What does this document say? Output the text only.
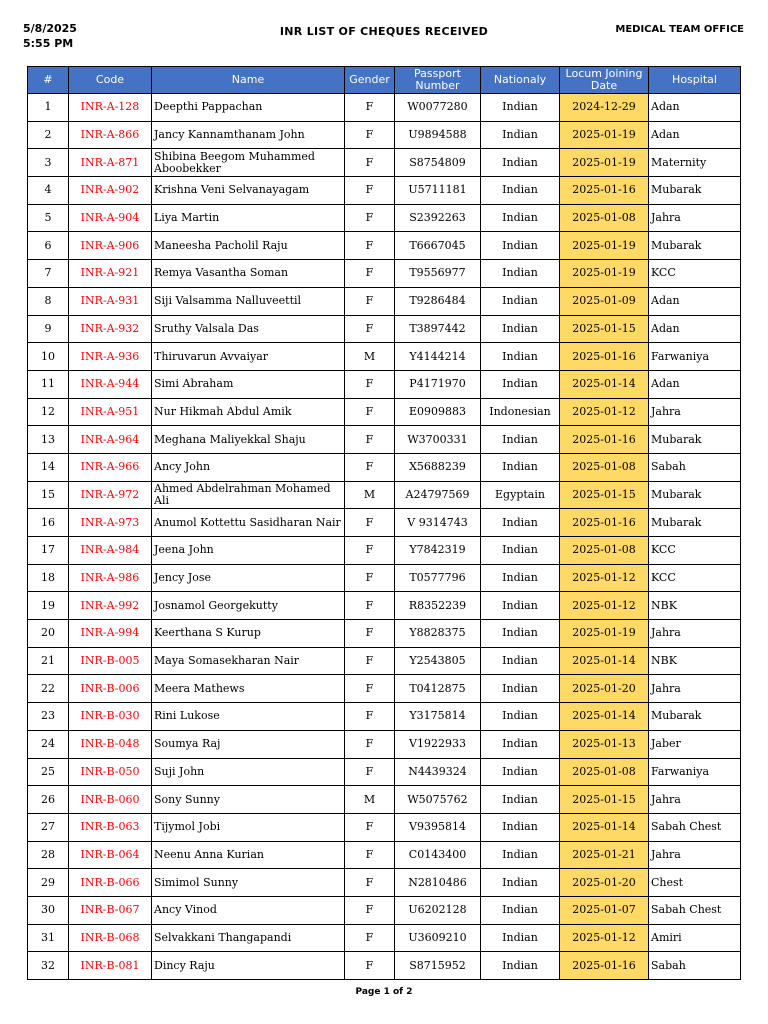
5/8/2025
5:55 PM
INR LIST OF CHEQUES RECEIVED	MEDICAL TEAM OFFICE
#	Code	Name	Gender	Passport Number	Nationaly	Locum Joining Date	Hospital
1	INR-A-128	Deepthi Pappachan	F	W0077280	Indian	2024-12-29	Adan
2	INR-A-866	Jancy Kannamthanam John	F	U9894588	Indian	2025-01-19	Adan
3	INR-A-871	Shibina Beegom Muhammed Aboobekker	F	S8754809	Indian	2025-01-19	Maternity
4	INR-A-902	Krishna Veni Selvanayagam	F	U5711181	Indian	2025-01-16	Mubarak
5	INR-A-904	Liya Martin	F	S2392263	Indian	2025-01-08	Jahra
6	INR-A-906	Maneesha Pacholil Raju	F	T6667045	Indian	2025-01-19	Mubarak
7	INR-A-921	Remya Vasantha Soman	F	T9556977	Indian	2025-01-19	KCC
8	INR-A-931	Siji Valsamma Nalluveettil	F	T9286484	Indian	2025-01-09	Adan
9	INR-A-932	Sruthy Valsala Das	F	T3897442	Indian	2025-01-15	Adan
10	INR-A-936	Thiruvarun Avvaiyar	M	Y4144214	Indian	2025-01-16	Farwaniya
11	INR-A-944	Simi Abraham	F	P4171970	Indian	2025-01-14	Adan
12	INR-A-951	Nur Hikmah Abdul Amik	F	E0909883	Indonesian	2025-01-12	Jahra
13	INR-A-964	Meghana Maliyekkal Shaju	F	W3700331	Indian	2025-01-16	Mubarak
14	INR-A-966	Ancy John	F	X5688239	Indian	2025-01-08	Sabah
15	INR-A-972	Ahmed Abdelrahman Mohamed Ali	M	A24797569	Egyptain	2025-01-15	Mubarak
16	INR-A-973	Anumol Kottettu Sasidharan Nair	F	V 9314743	Indian	2025-01-16	Mubarak
17	INR-A-984	Jeena John	F	Y7842319	Indian	2025-01-08	KCC
18	INR-A-986	Jency Jose	F	T0577796	Indian	2025-01-12	KCC
19	INR-A-992	Josnamol Georgekutty	F	R8352239	Indian	2025-01-12	NBK
20	INR-A-994	Keerthana S Kurup	F	Y8828375	Indian	2025-01-19	Jahra
21	INR-B-005	Maya Somasekharan Nair	F	Y2543805	Indian	2025-01-14	NBK
22	INR-B-006	Meera Mathews	F	T0412875	Indian	2025-01-20	Jahra
23	INR-B-030	Rini Lukose	F	Y3175814	Indian	2025-01-14	Mubarak
24	INR-B-048	Soumya Raj	F	V1922933	Indian	2025-01-13	Jaber
25	INR-B-050	Suji John	F	N4439324	Indian	2025-01-08	Farwaniya
26	INR-B-060	Sony Sunny	M	W5075762	Indian	2025-01-15	Jahra
27	INR-B-063	Tijymol Jobi	F	V9395814	Indian	2025-01-14	Sabah Chest
28	INR-B-064	Neenu Anna Kurian	F	C0143400	Indian	2025-01-21	Jahra
29	INR-B-066	Simimol Sunny	F	N2810486	Indian	2025-01-20	Chest
30	INR-B-067	Ancy Vinod	F	U6202128	Indian	2025-01-07	Sabah Chest
31	INR-B-068	Selvakkani Thangapandi	F	U3609210	Indian	2025-01-12	Amiri
32	INR-B-081	Dincy Raju	F	S8715952	Indian	2025-01-16	Sabah
Page 1 of 2
